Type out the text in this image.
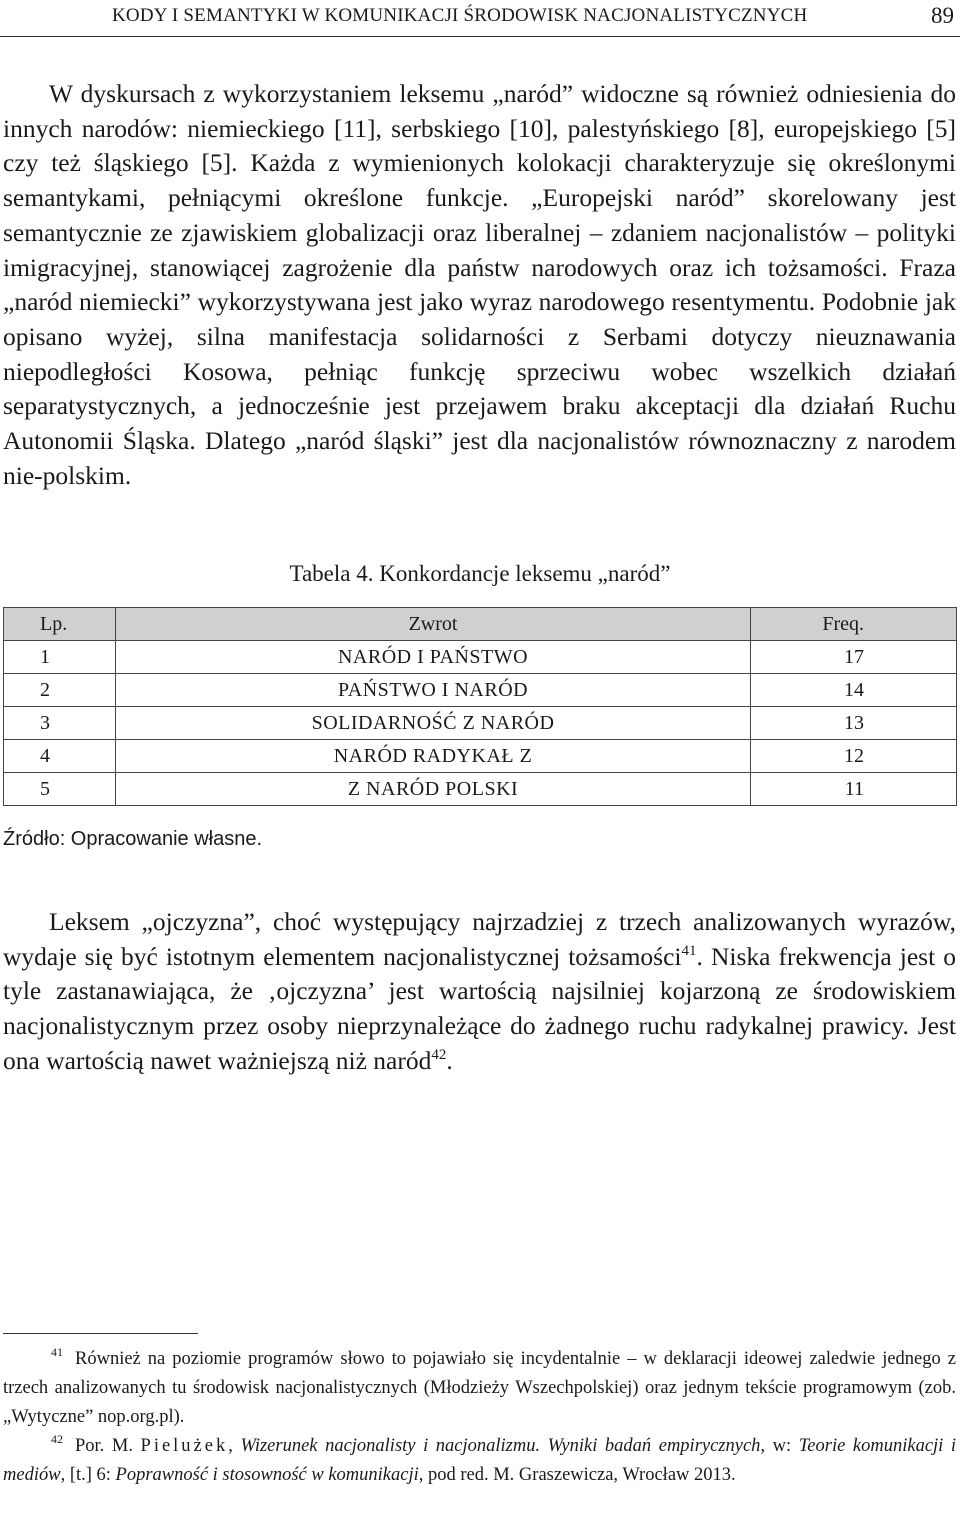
KODY I SEMANTYKI W KOMUNIKACJI ŚRODOWISK NACJONALISTYCZNYCH	89

W dyskursach z wykorzystaniem leksemu „naród” widoczne są również odniesienia do innych narodów: niemieckiego [11], serbskiego [10], palestyńskiego [8], europejskiego [5] czy też śląskiego [5]. Każda z wymienionych kolokacji charakteryzuje się określonymi semantykami, pełniącymi określone funkcje. „Europejski naród” skorelowany jest semantycznie ze zjawiskiem globalizacji oraz liberalnej – zdaniem nacjonalistów – polityki imigracyjnej, stanowiącej zagrożenie dla państw narodowych oraz ich tożsamości. Fraza „naród niemiecki” wykorzystywana jest jako wyraz narodowego resentymentu. Podobnie jak opisano wyżej, silna manifestacja solidarności z Serbami dotyczy nieuznawania niepodległości Kosowa, pełniąc funkcję sprzeciwu wobec wszelkich działań separatystycznych, a jednocześnie jest przejawem braku akceptacji dla działań Ruchu Autonomii Śląska. Dlatego „naród śląski” jest dla nacjonalistów równoznaczny z narodem nie-polskim.

Tabela 4. Konkordancje leksemu „naród”
Lp.	Zwrot	Freq.
1	NARÓD I PAŃSTWO	17
2	PAŃSTWO I NARÓD	14
3	SOLIDARNOŚĆ Z NARÓD	13
4	NARÓD RADYKAŁ Z	12
5	Z NARÓD POLSKI	11
Źródło: Opracowanie własne.

Leksem „ojczyzna”, choć występujący najrzadziej z trzech analizowanych wyrazów, wydaje się być istotnym elementem nacjonalistycznej tożsamości$^{41}$. Niska frekwencja jest o tyle zastanawiająca, że ‚ojczyzna’ jest wartością najsilniej kojarzoną ze środowiskiem nacjonalistycznym przez osoby nieprzynależące do żadnego ruchu radykalnej prawicy. Jest ona wartością nawet ważniejszą niż naród$^{42}$.

41 Również na poziomie programów słowo to pojawiało się incydentalnie – w deklaracji ideowej zaledwie jednego z trzech analizowanych tu środowisk nacjonalistycznych (Młodzieży Wszechpolskiej) oraz jednym tekście programowym (zob. „Wytyczne” nop.org.pl).

42 Por. M. Pielużek, Wizerunek nacjonalisty i nacjonalizmu. Wyniki badań empirycznych, w: Teorie komunikacji i mediów, [t.] 6: Poprawność i stosowność w komunikacji, pod red. M. Graszewicza, Wrocław 2013.
